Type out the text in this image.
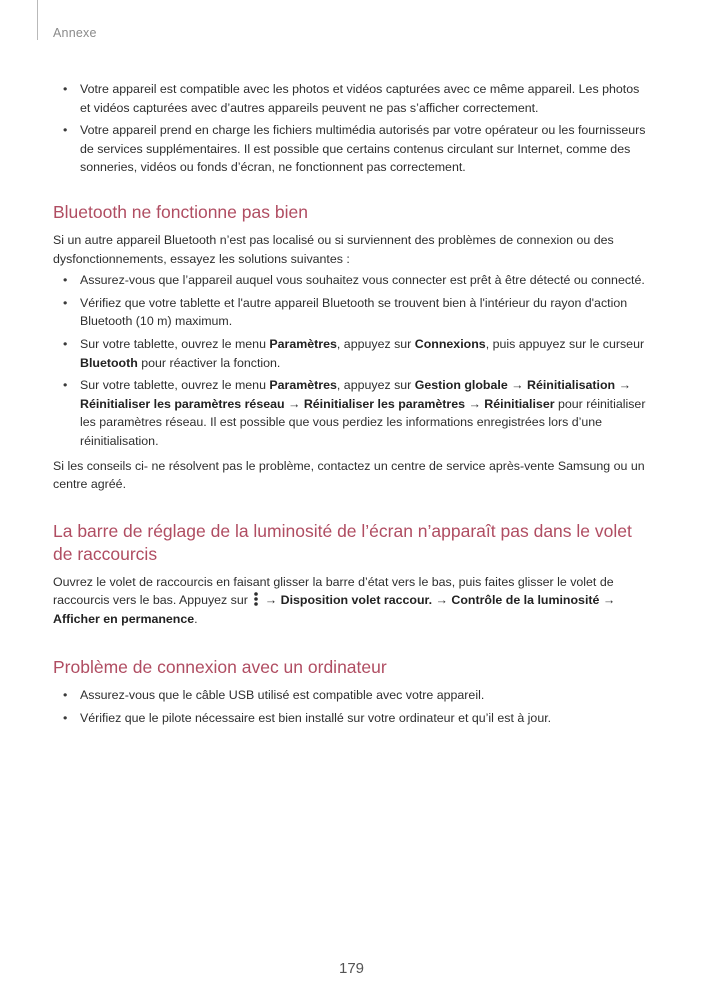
Annexe
• Votre appareil est compatible avec les photos et vidéos capturées avec ce même appareil. Les photos et vidéos capturées avec d’autres appareils peuvent ne pas s’afficher correctement.
• Votre appareil prend en charge les fichiers multimédia autorisés par votre opérateur ou les fournisseurs de services supplémentaires. Il est possible que certains contenus circulant sur Internet, comme des sonneries, vidéos ou fonds d’écran, ne fonctionnent pas correctement.
Bluetooth ne fonctionne pas bien

Si un autre appareil Bluetooth n’est pas localisé ou si surviennent des problèmes de connexion ou des dysfonctionnements, essayez les solutions suivantes :

• Assurez-vous que l’appareil auquel vous souhaitez vous connecter est prêt à être détecté ou connecté.
• Vérifiez que votre tablette et l'autre appareil Bluetooth se trouvent bien à l'intérieur du rayon d'action Bluetooth (10 m) maximum.
• Sur votre tablette, ouvrez le menu Paramètres, appuyez sur Connexions, puis appuyez sur le curseur Bluetooth pour réactiver la fonction.
• Sur votre tablette, ouvrez le menu Paramètres, appuyez sur Gestion globale → Réinitialisation → Réinitialiser les paramètres réseau → Réinitialiser les paramètres → Réinitialiser pour réinitialiser les paramètres réseau. Il est possible que vous perdiez les informations enregistrées lors d’une réinitialisation.

Si les conseils ci- ne résolvent pas le problème, contactez un centre de service après-vente Samsung ou un centre agréé.

La barre de réglage de la luminosité de l’écran n’apparaît pas dans le volet de raccourcis

Ouvrez le volet de raccourcis en faisant glisser la barre d’état vers le bas, puis faites glisser le volet de raccourcis vers le bas. Appuyez sur  → Disposition volet raccour. → Contrôle de la luminosité → Afficher en permanence.

Problème de connexion avec un ordinateur
• Assurez-vous que le câble USB utilisé est compatible avec votre appareil.
• Vérifiez que le pilote nécessaire est bien installé sur votre ordinateur et qu’il est à jour.
179
